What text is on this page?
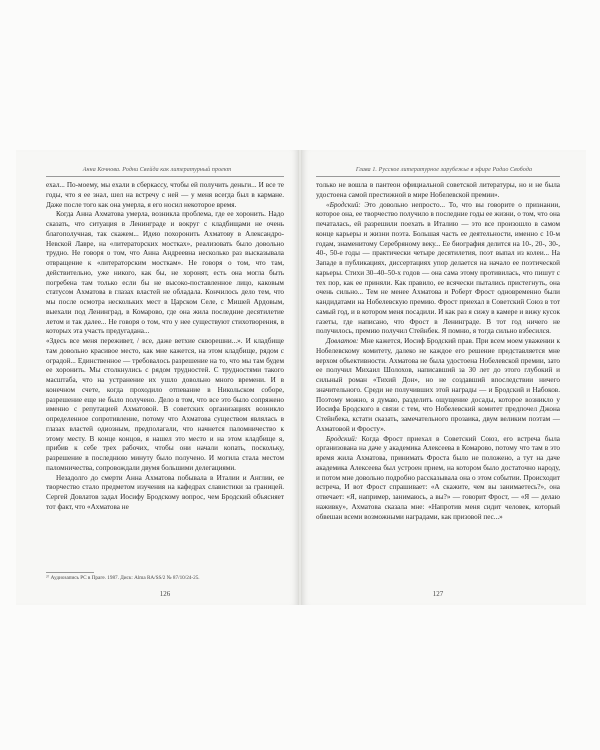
Анна Кочнова. Родни Свейда как литературный проект

ехал... По-моему, мы ехали в сберкассу, чтобы ей получить деньги... И все те годы, что я ее знал, шел на встречу с ней — у меня всегда был в кармане. Даже после того как она умерла, я его носил некоторое время.

Когда Анна Ахматова умерла, возникла проблема, где ее хоронить. Надо сказать, что ситуация в Ленинграде и вокруг с кладбищами не очень благополучная, так скажем... Идею похоронить Ахматову в Александро-Невской Лавре, на «литераторских мостках», реализовать было довольно трудно. Не говоря о том, что Анна Андреевна несколько раз высказывала отвращение к «литераторским мосткам». Не говоря о том, что там, действительно, уже никого, как бы, не хоронят, есть она могла быть погребена там только если бы не высоко-поставленное лицо, каковым статусом Ахматова в глазах властей не обладала. Кончилось дело тем, что мы после осмотра нескольких мест в Царском Селе, с Мишей Ардовым, выехали под Ленинград, в Комарово, где она жила последние десятилетие летом и так далее... Не говоря о том, что у нее существуют стихотворения, в которых эта участь предугадана...

«Здесь все меня переживет, / все, даже ветхие скворешни...». И кладбище там довольно красивое место, как мне кажется, на этом кладбище, рядом с оградой... Единственное — требовалось разрешение на то, что мы там будем ее хоронить. Мы столкнулись с рядом трудностей. С трудностями такого масштаба, что на устранение их ушло довольно много времени. И в конечном счете, когда проходило отпевание в Никольском соборе, разрешение еще не было получено. Дело в том, что все это было сопряжено именно с репутацией Ахматовой. В советских организациях возникло определенное сопротивление, потому что Ахматова существом являлась в глазах властей одиозным, предполагали, что начнется паломничество к этому месту. В конце концов, я нашел это место и на этом кладбище я, прибив к себе трех рабочих, чтобы они начали копать, поскольку, разрешение в последнюю минуту было получено. И могила стала местом паломничества, сопровождали двумя большими делегациями.

Незадолго до смерти Анна Ахматова побывала в Италии и Англии, ее творчество стало предметом изучения на кафедрах славистики за границей. Сергей Довлатов задал Иосифу Бродскому вопрос, чем Бродский объясняет тот факт, что «Ахматова не

²⁷ Аудиозапись РС в Праге. 1987. Диск: Alma RA/SS/2 № 87/10/24-25.
126
Глава 1. Русское литературное зарубежье в эфире Радио Свобода

только не вошла в пантеон официальной советской литературы, но и не была удостоена самой престижной в мире Нобелевской премии».

«Бродский: Это довольно непросто... То, что вы говорите о признании, которое она, ее творчество получило в последние годы ее жизни, о том, что она печаталась, ей разрешили поехать в Италию — это все произошло в самом конце карьеры и жизни поэта. Большая часть ее деятельности, именно с 10-м годам, знаменитому Серебряному веку... Ее биография делится на 10-, 20-, 30-, 40-, 50-е годы — практически четыре десятилетия, поэт выпал из колеи... На Западе в публикациях, диссертациях упор делается на начало ее поэтической карьеры. Стихи 30–40–50-х годов — она сама этому противилась, что пишут с тех пор, как ее приняли. Как правило, ее всячески пытались пристегнуть, она очень сильно... Тем не менее Ахматова и Роберт Фрост одновременно были кандидатами на Нобелевскую премию. Фрост приехал в Советский Союз в тот самый год, и в котором меня посадили. И как раз я сижу в камере и вижу кусок газеты, где написано, что Фрост в Ленинграде. В тот год ничего не получилось, премию получил Стейнбек. Я помню, я тогда сильно взбесился.

Довлатов: Мне кажется, Иосиф Бродский прав. При всем моем уважении к Нобелевскому комитету, далеко не каждое его решение представляется мне верхом объективности. Ахматова не была удостоена Нобелевской премии, зато ее получил Михаил Шолохов, написавший за 30 лет до этого глубокий и сильный роман «Тихий Дон», но не создавший впоследствии ничего значительного. Среди не получивших этой награды — и Бродский и Набоков. Поэтому можно, я думаю, разделить ощущение досады, которое возникло у Иосифа Бродского в связи с тем, что Нобелевский комитет предпочел Джона Стейнбека, кстати сказать, замечательного прозаика, двум великим поэтам — Ахматовой и Фросту».

Бродский: Когда Фрост приехал в Советский Союз, его встреча была организована на даче у академика Алексеева в Комарово, потому что там в это время жила Ахматова, принимать Фроста было не положено, а тут на даче академика Алексеева был устроен прием, на котором было достаточно народу, и потом мне довольно подробно рассказывала она о этом событии. Происходит встреча, И вот Фрост спрашивает: «А скажите, чем вы занимаетесь?», она отвечает: «Я, например, занимаюсь, а вы?» — говорит Фрост, — «Я — делаю наживку», Ахматова сказала мне: «Напротив меня сидит человек, который обвешан всеми возможными наградами, как призовой пес...»

127
